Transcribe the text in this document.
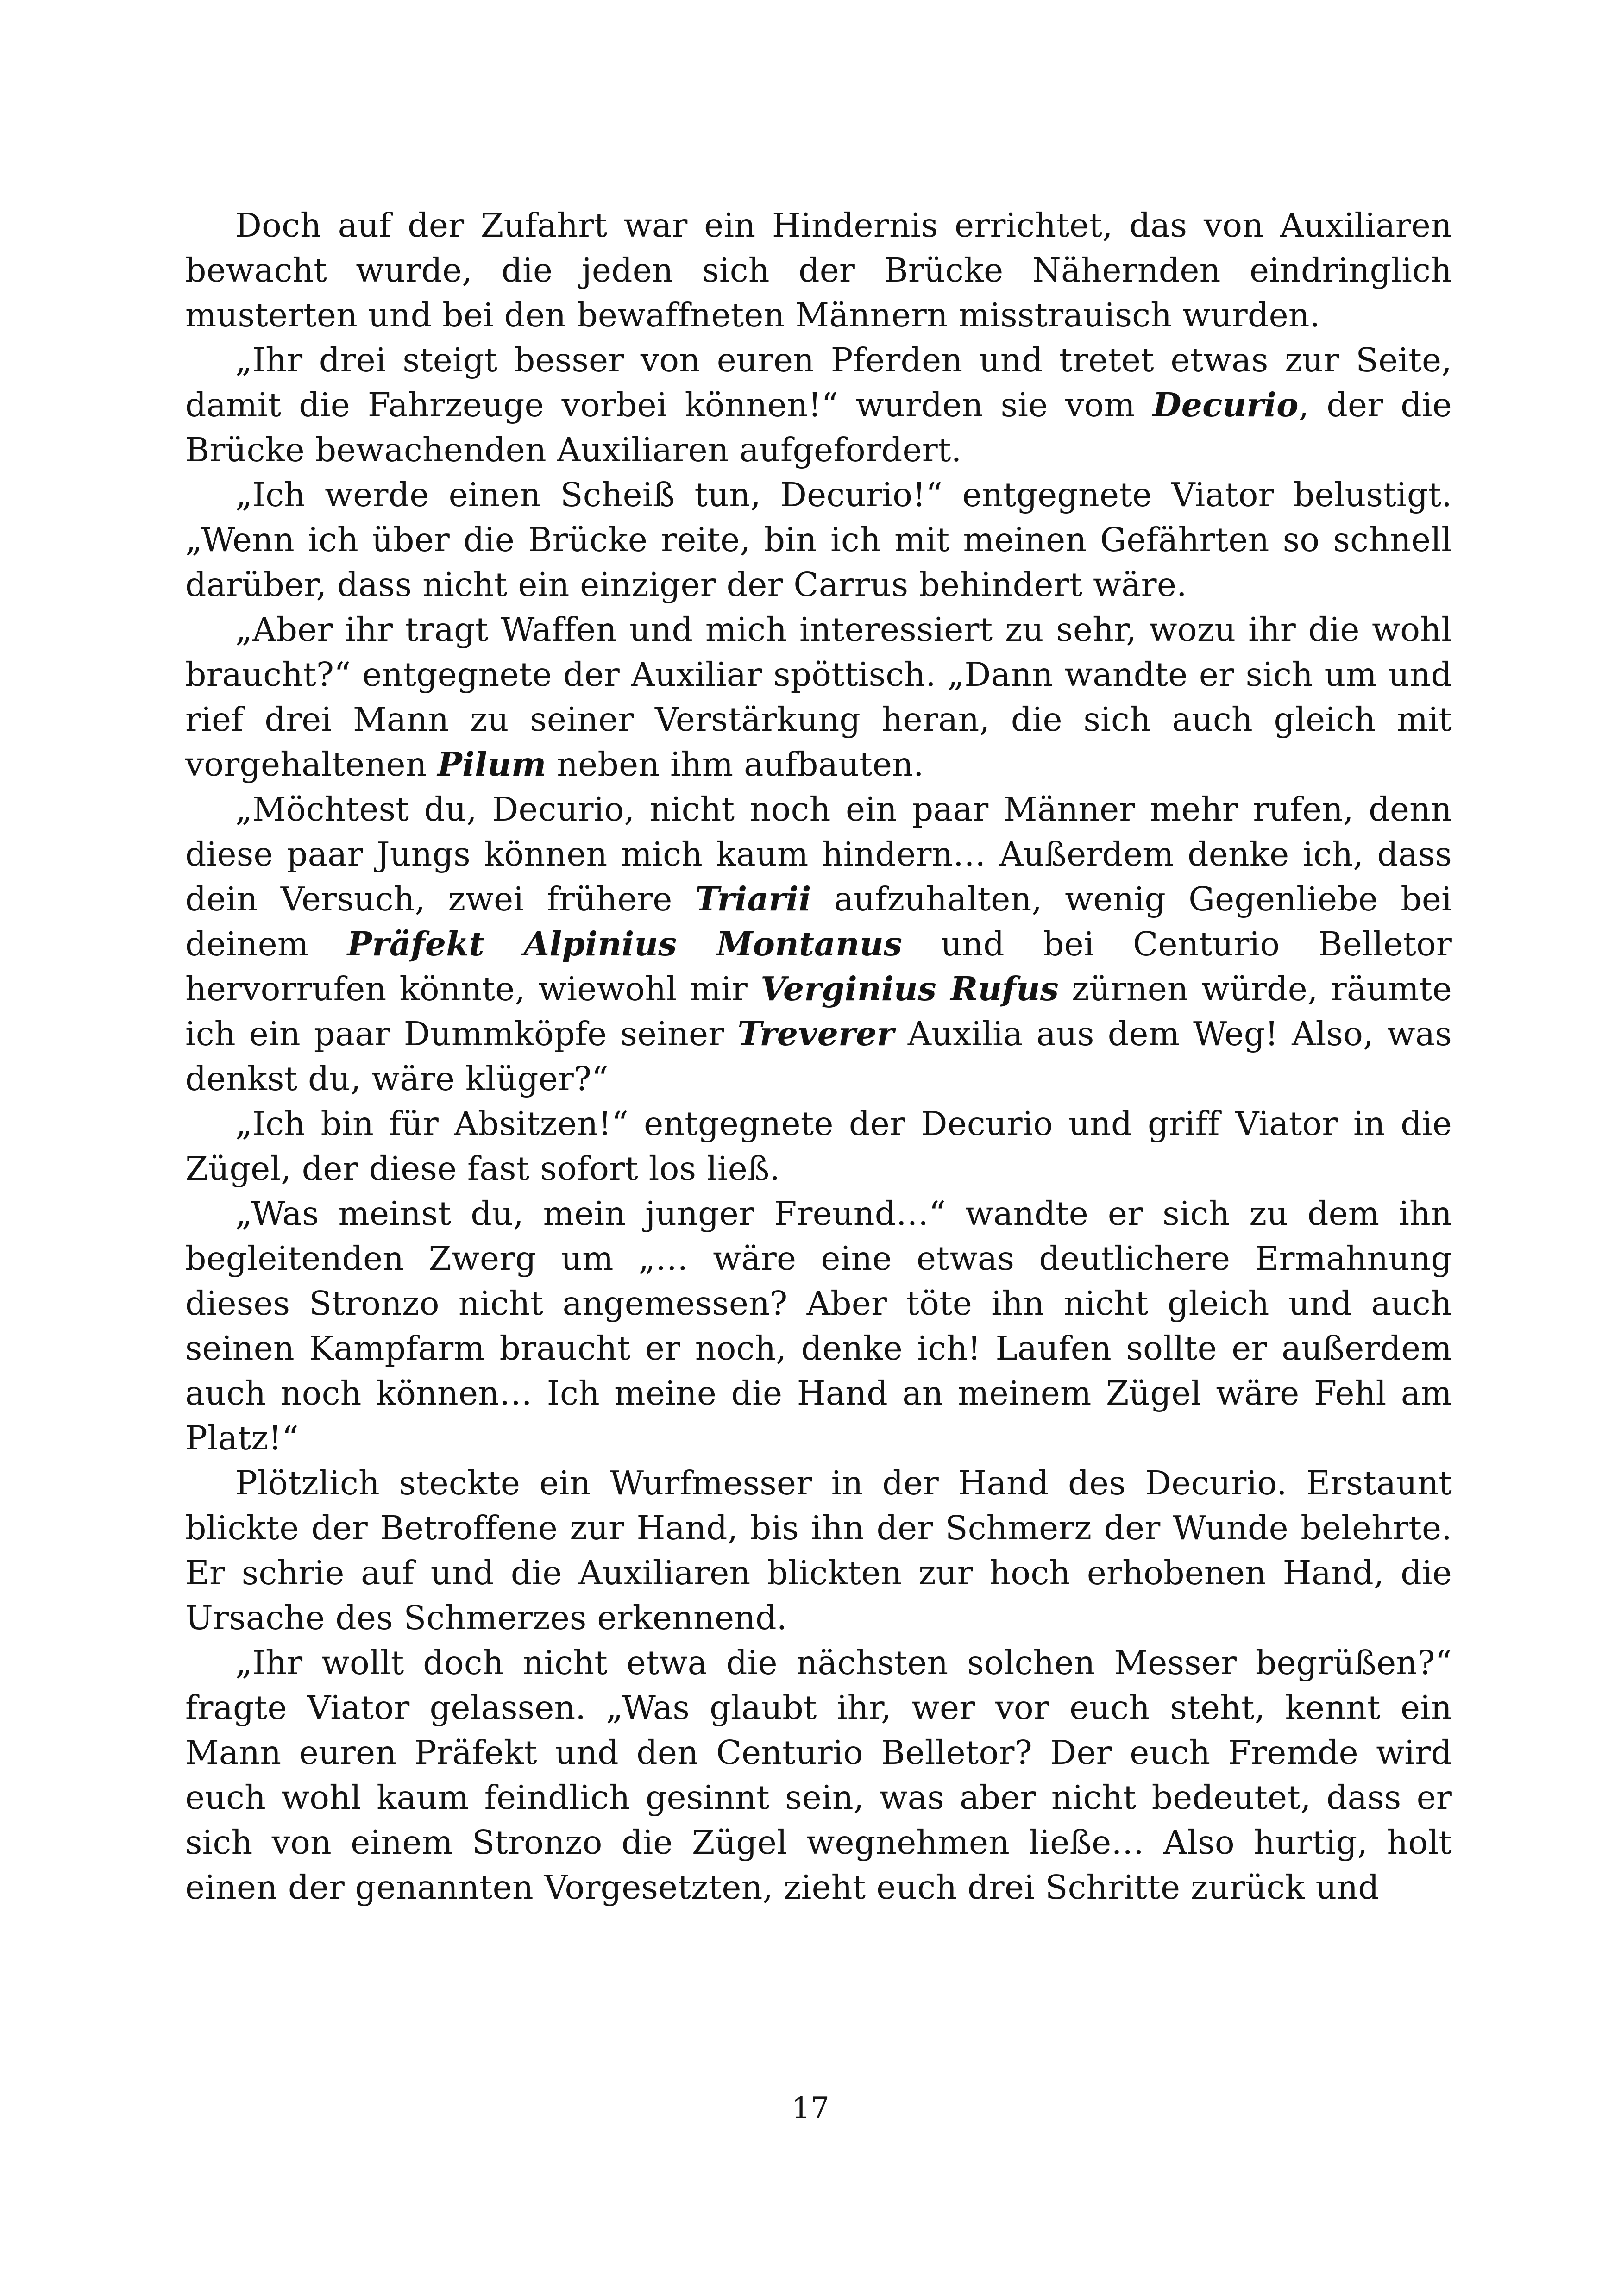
Doch auf der Zufahrt war ein Hindernis errichtet, das von Auxiliaren bewacht wurde, die jeden sich der Brücke Nähernden eindringlich musterten und bei den bewaffneten Männern misstrauisch wurden.

„Ihr drei steigt besser von euren Pferden und tretet etwas zur Seite, damit die Fahrzeuge vorbei können!“ wurden sie vom Decurio, der die Brücke bewachenden Auxiliaren aufgefordert.

„Ich werde einen Scheiß tun, Decurio!“ entgegnete Viator belustigt. „Wenn ich über die Brücke reite, bin ich mit meinen Gefährten so schnell darüber, dass nicht ein einziger der Carrus behindert wäre.

„Aber ihr tragt Waffen und mich interessiert zu sehr, wozu ihr die wohl braucht?“ entgegnete der Auxiliar spöttisch. „Dann wandte er sich um und rief drei Mann zu seiner Verstärkung heran, die sich auch gleich mit vorgehaltenen Pilum neben ihm aufbauten.

„Möchtest du, Decurio, nicht noch ein paar Männer mehr rufen, denn diese paar Jungs können mich kaum hindern… Außerdem denke ich, dass dein Versuch, zwei frühere Triarii aufzuhalten, wenig Gegenliebe bei deinem Präfekt Alpinius Montanus und bei Centurio Belletor hervorrufen könnte, wiewohl mir Verginius Rufus zürnen würde, räumte ich ein paar Dummköpfe seiner Treverer Auxilia aus dem Weg! Also, was denkst du, wäre klüger?“

„Ich bin für Absitzen!“ entgegnete der Decurio und griff Viator in die Zügel, der diese fast sofort los ließ.

„Was meinst du, mein junger Freund…“ wandte er sich zu dem ihn begleitenden Zwerg um „… wäre eine etwas deutlichere Ermahnung dieses Stronzo nicht angemessen? Aber töte ihn nicht gleich und auch seinen Kampfarm braucht er noch, denke ich! Laufen sollte er außerdem auch noch können… Ich meine die Hand an meinem Zügel wäre Fehl am Platz!“

Plötzlich steckte ein Wurfmesser in der Hand des Decurio. Erstaunt blickte der Betroffene zur Hand, bis ihn der Schmerz der Wunde belehrte. Er schrie auf und die Auxiliaren blickten zur hoch erhobenen Hand, die Ursache des Schmerzes erkennend.

„Ihr wollt doch nicht etwa die nächsten solchen Messer begrüßen?“ fragte Viator gelassen. „Was glaubt ihr, wer vor euch steht, kennt ein Mann euren Präfekt und den Centurio Belletor? Der euch Fremde wird euch wohl kaum feindlich gesinnt sein, was aber nicht bedeutet, dass er sich von einem Stronzo die Zügel wegnehmen ließe… Also hurtig, holt einen der genannten Vorgesetzten, zieht euch drei Schritte zurück und

17
